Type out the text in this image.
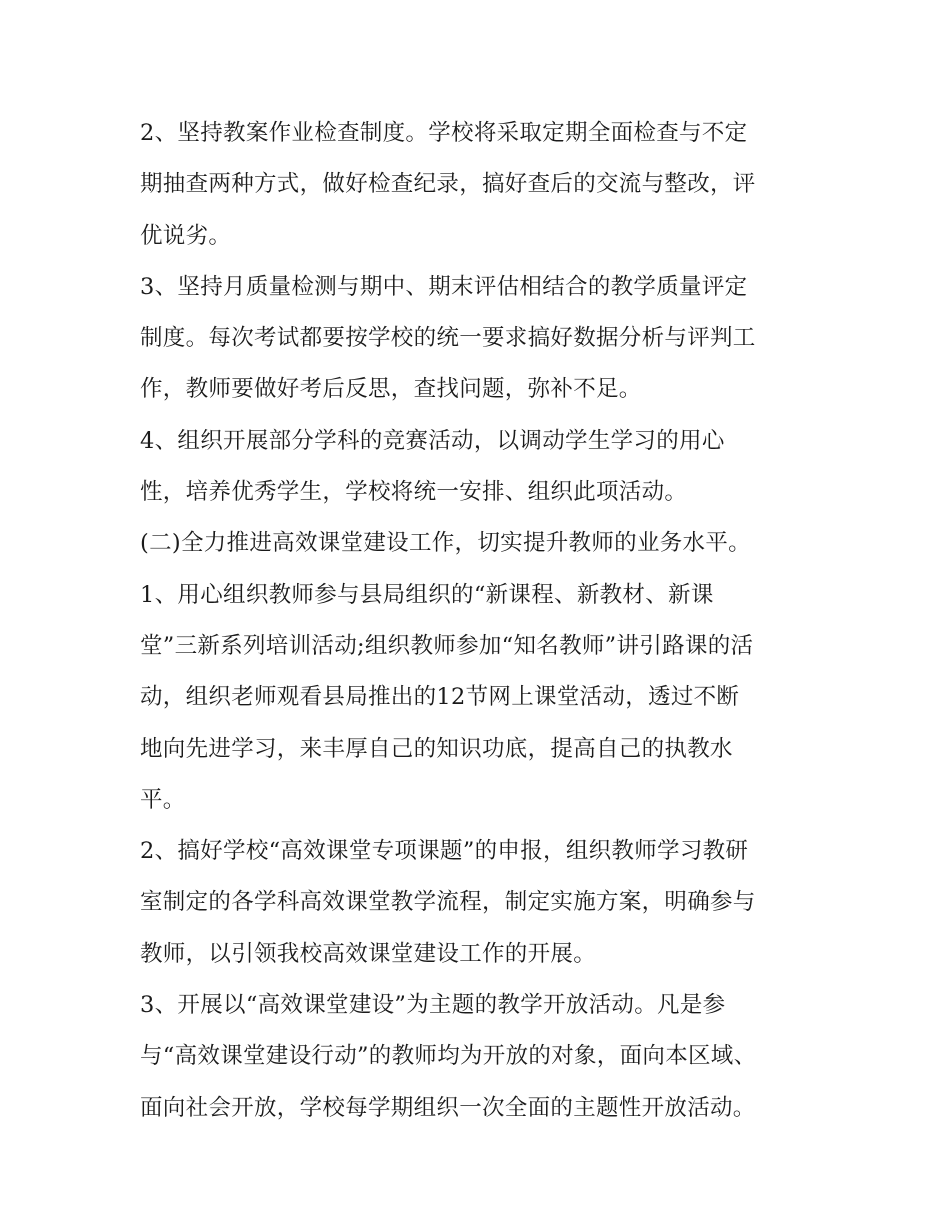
2、坚持教案作业检查制度。学校将采取定期全面检查与不定
期抽查两种方式，做好检查纪录，搞好查后的交流与整改，评
优说劣。
3、坚持月质量检测与期中、期末评估相结合的教学质量评定
制度。每次考试都要按学校的统一要求搞好数据分析与评判工
作，教师要做好考后反思，查找问题，弥补不足。
4、组织开展部分学科的竞赛活动，以调动学生学习的用心
性，培养优秀学生，学校将统一安排、组织此项活动。
(二)全力推进高效课堂建设工作，切实提升教师的业务水平。
1、用心组织教师参与县局组织的“新课程、新教材、新课
堂”三新系列培训活动;组织教师参加“知名教师”讲引路课的活
动，组织老师观看县局推出的12节网上课堂活动，透过不断
地向先进学习，来丰厚自己的知识功底，提高自己的执教水
平。
2、搞好学校“高效课堂专项课题”的申报，组织教师学习教研
室制定的各学科高效课堂教学流程，制定实施方案，明确参与
教师，以引领我校高效课堂建设工作的开展。
3、开展以“高效课堂建设”为主题的教学开放活动。凡是参
与“高效课堂建设行动”的教师均为开放的对象，面向本区域、
面向社会开放，学校每学期组织一次全面的主题性开放活动。
